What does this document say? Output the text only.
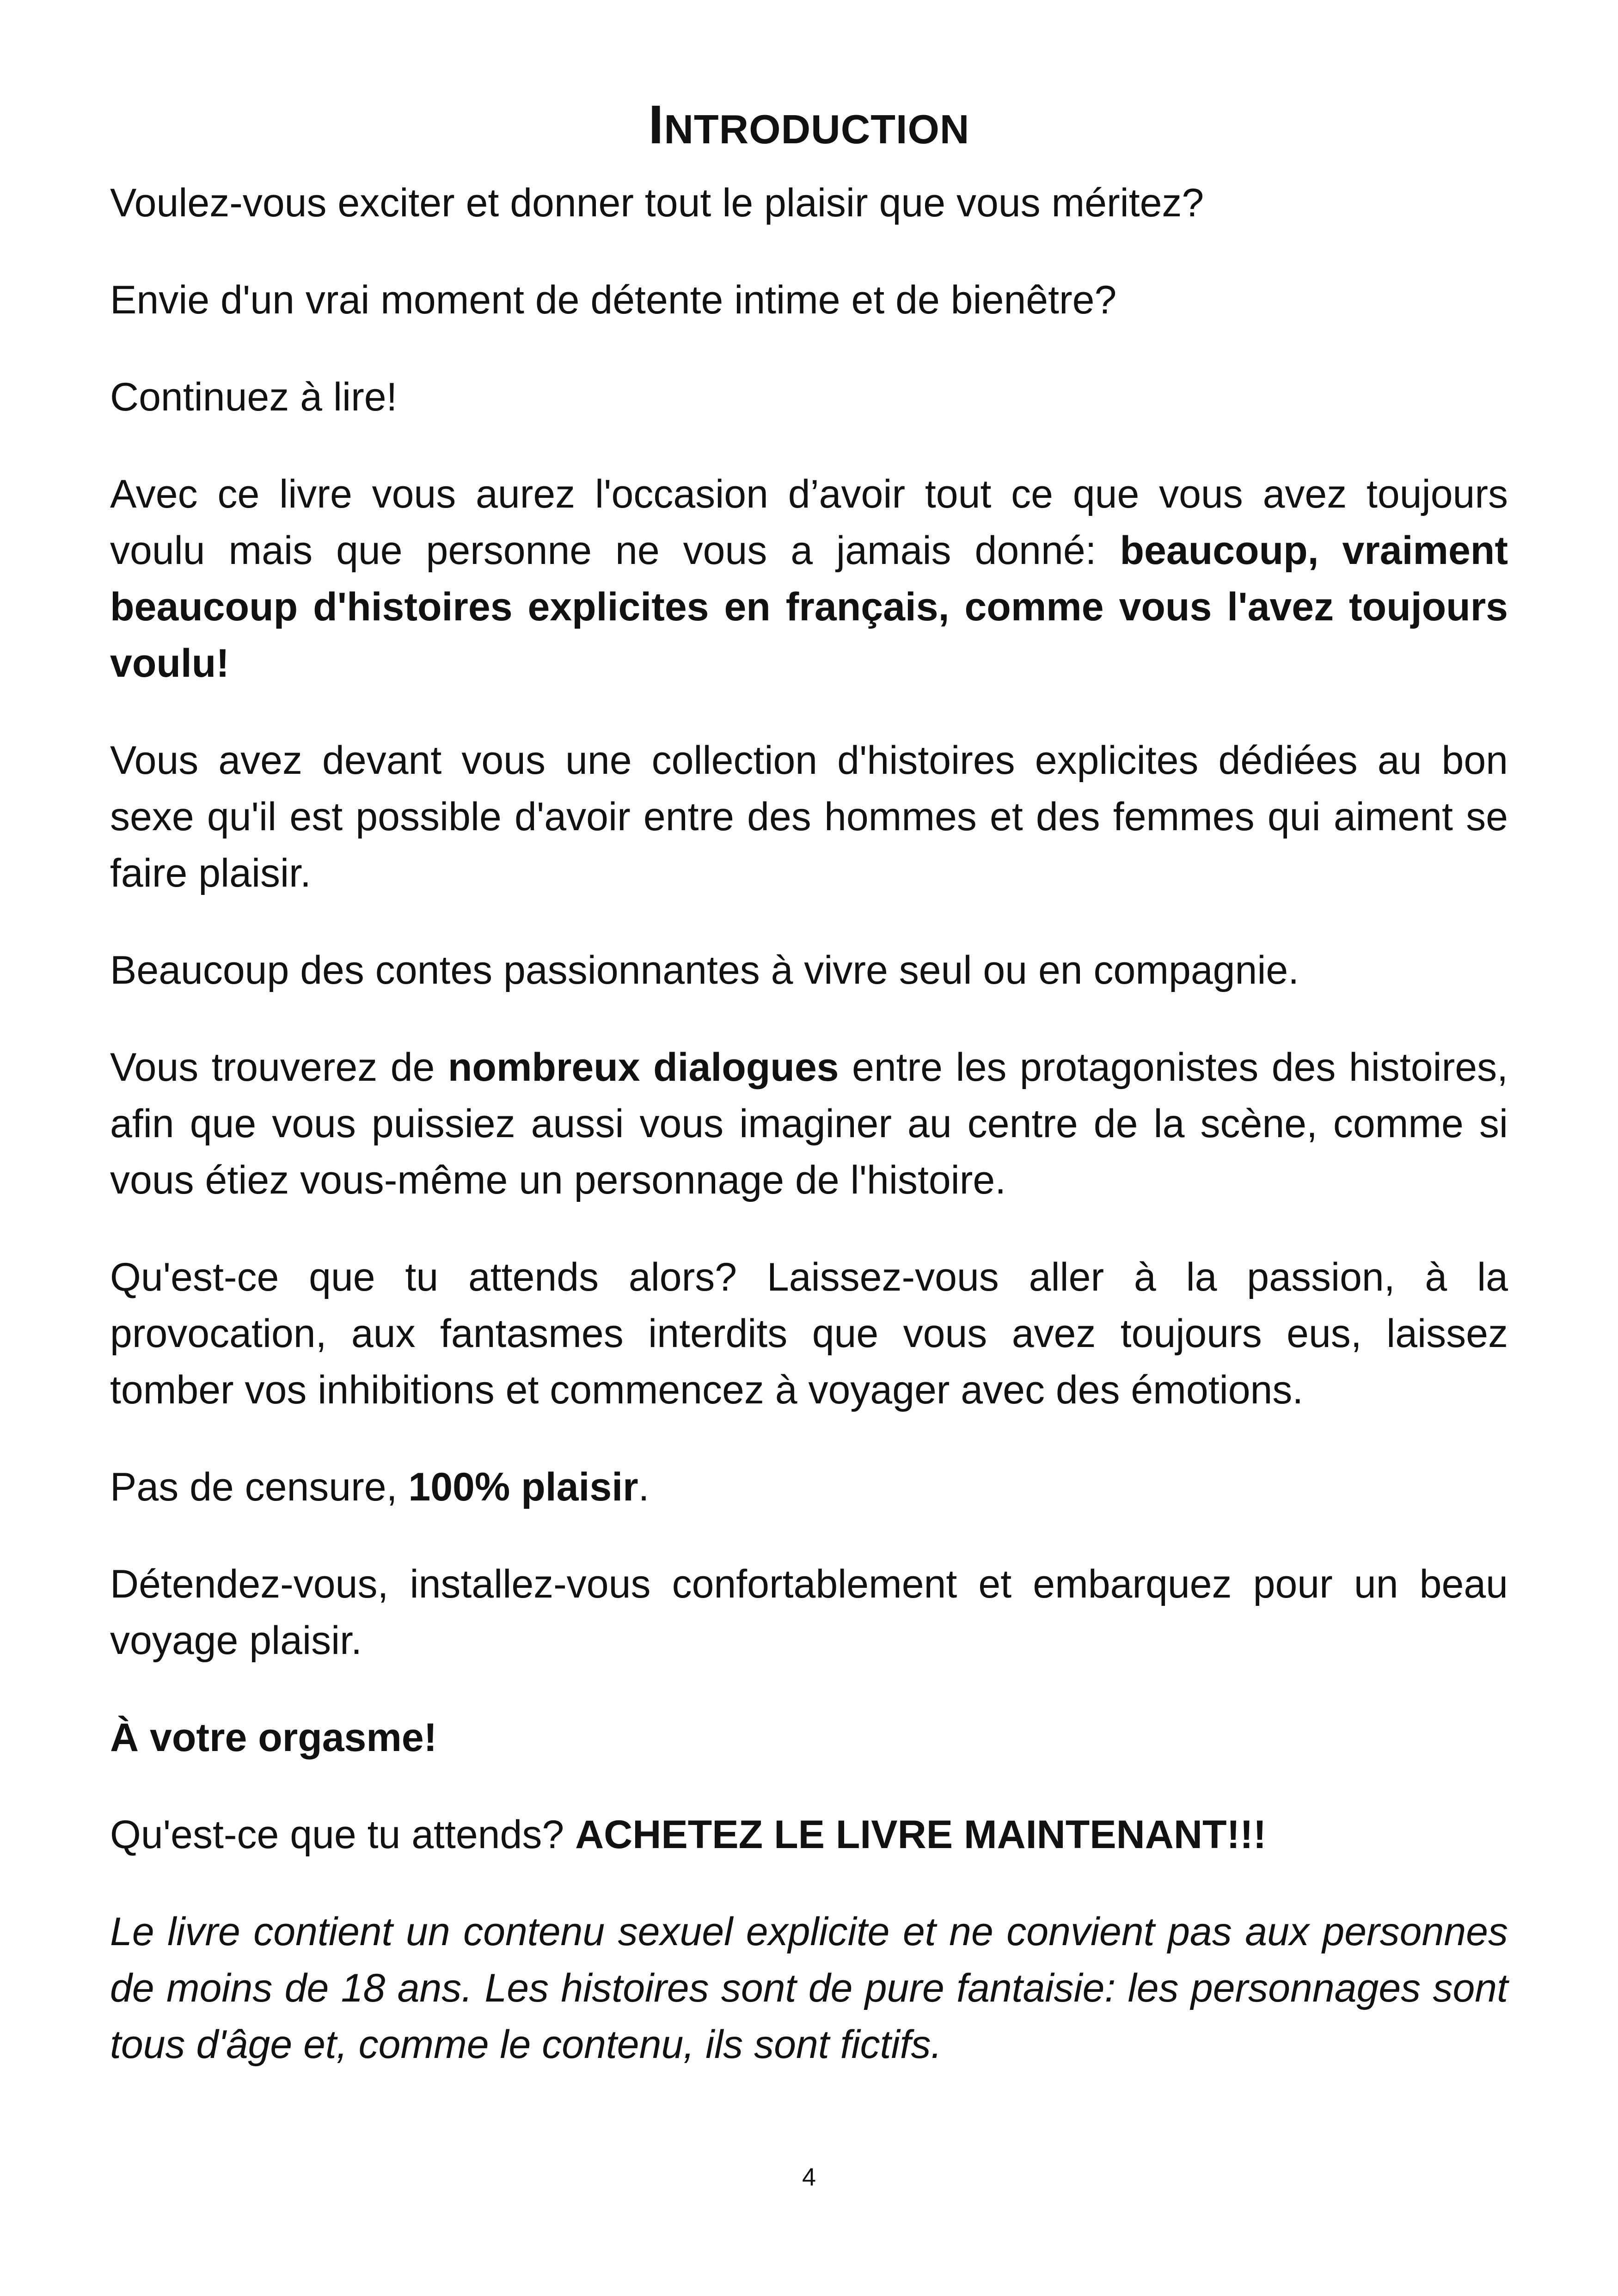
INTRODUCTION

Voulez-vous exciter et donner tout le plaisir que vous méritez?

Envie d'un vrai moment de détente intime et de bienêtre?

Continuez à lire!

Avec ce livre vous aurez l'occasion d’avoir tout ce que vous avez toujours voulu mais que personne ne vous a jamais donné: beaucoup, vraiment beaucoup d'histoires explicites en français, comme vous l'avez toujours voulu!

Vous avez devant vous une collection d'histoires explicites dédiées au bon sexe qu'il est possible d'avoir entre des hommes et des femmes qui aiment se faire plaisir.

Beaucoup des contes passionnantes à vivre seul ou en compagnie.

Vous trouverez de nombreux dialogues entre les protagonistes des histoires, afin que vous puissiez aussi vous imaginer au centre de la scène, comme si vous étiez vous-même un personnage de l'histoire.

Qu'est-ce que tu attends alors? Laissez-vous aller à la passion, à la provocation, aux fantasmes interdits que vous avez toujours eus, laissez tomber vos inhibitions et commencez à voyager avec des émotions.

Pas de censure, 100% plaisir.

Détendez-vous, installez-vous confortablement et embarquez pour un beau voyage plaisir.

À votre orgasme!

Qu'est-ce que tu attends? ACHETEZ LE LIVRE MAINTENANT!!!

Le livre contient un contenu sexuel explicite et ne convient pas aux personnes de moins de 18 ans. Les histoires sont de pure fantaisie: les personnages sont tous d'âge et, comme le contenu, ils sont fictifs.

4
